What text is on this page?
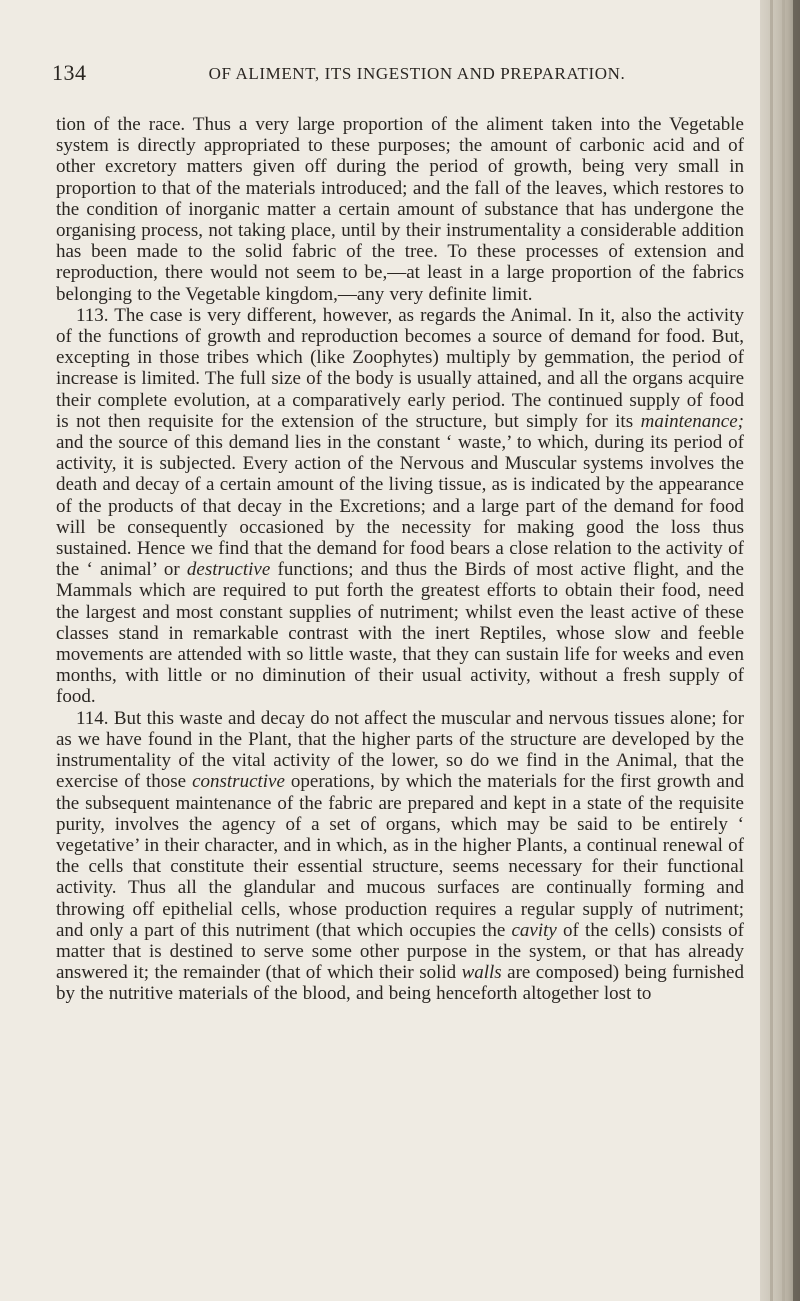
134	OF ALIMENT, ITS INGESTION AND PREPARATION.

tion of the race. Thus a very large proportion of the aliment taken into the Vegetable system is directly appropriated to these purposes; the amount of carbonic acid and of other excretory matters given off during the period of growth, being very small in proportion to that of the materials introduced; and the fall of the leaves, which restores to the condition of inorganic matter a certain amount of substance that has undergone the organising process, not taking place, until by their instrumentality a considerable addition has been made to the solid fabric of the tree. To these processes of extension and reproduction, there would not seem to be,—at least in a large proportion of the fabrics belonging to the Vegetable kingdom,—any very definite limit.

113. The case is very different, however, as regards the Animal. In it, also the activity of the functions of growth and reproduction becomes a source of demand for food. But, excepting in those tribes which (like Zoophytes) multiply by gemmation, the period of increase is limited. The full size of the body is usually attained, and all the organs acquire their complete evolution, at a comparatively early period. The continued supply of food is not then requisite for the extension of the structure, but simply for its maintenance; and the source of this demand lies in the constant ‘ waste,’ to which, during its period of activity, it is subjected. Every action of the Nervous and Muscular systems involves the death and decay of a certain amount of the living tissue, as is indicated by the appearance of the products of that decay in the Excretions; and a large part of the demand for food will be consequently occasioned by the necessity for making good the loss thus sustained. Hence we find that the demand for food bears a close relation to the activity of the ‘ animal’ or destructive functions; and thus the Birds of most active flight, and the Mammals which are required to put forth the greatest efforts to obtain their food, need the largest and most constant supplies of nutriment; whilst even the least active of these classes stand in remarkable contrast with the inert Reptiles, whose slow and feeble movements are attended with so little waste, that they can sustain life for weeks and even months, with little or no diminution of their usual activity, without a fresh supply of food.

114. But this waste and decay do not affect the muscular and nervous tissues alone; for as we have found in the Plant, that the higher parts of the structure are developed by the instrumentality of the vital activity of the lower, so do we find in the Animal, that the exercise of those constructive operations, by which the materials for the first growth and the subsequent maintenance of the fabric are prepared and kept in a state of the requisite purity, involves the agency of a set of organs, which may be said to be entirely ‘ vegetative’ in their character, and in which, as in the higher Plants, a continual renewal of the cells that constitute their essential structure, seems necessary for their functional activity. Thus all the glandular and mucous surfaces are continually forming and throwing off epithelial cells, whose production requires a regular supply of nutriment; and only a part of this nutriment (that which occupies the cavity of the cells) consists of matter that is destined to serve some other purpose in the system, or that has already answered it; the remainder (that of which their solid walls are composed) being furnished by the nutritive materials of the blood, and being henceforth altogether lost to
